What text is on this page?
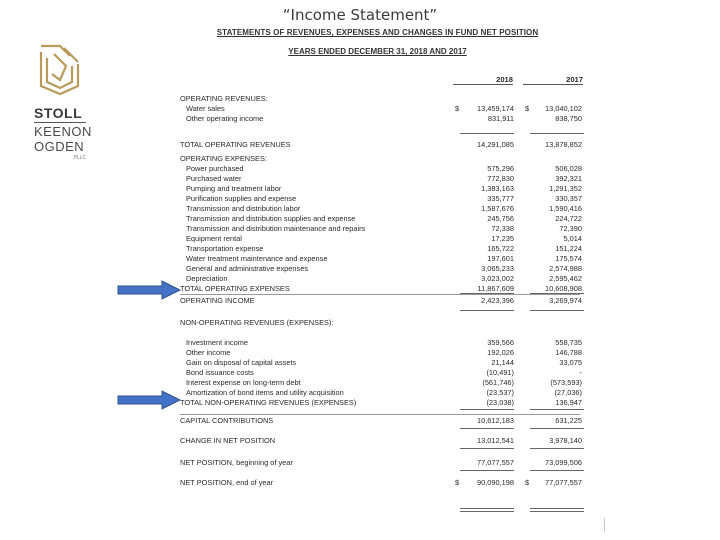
“Income Statement”
STOLL
KEENON
OGDEN
PLLC
STATEMENTS OF REVENUES, EXPENSES AND CHANGES IN FUND NET POSITION
YEARS ENDED DECEMBER 31, 2018 AND 2017
2018	2017
OPERATING REVENUES:
Water sales	$	13,459,174 $	13,040,102
Other operating income	831,911	838,750
TOTAL OPERATING REVENUES	14,291,085	13,878,852
OPERATING EXPENSES:
Power purchased	575,296	506,028
Purchased water	772,830	392,321
Pumping and treatment labor	1,383,163	1,291,352
Purification supplies and expense	335,777	330,357
Transmission and distribution labor	1,587,676	1,590,416
Transmission and distribution supplies and expense	245,756	224,722
Transmission and distribution maintenance and repairs	72,338	72,390
Equipment rental	17,235	5,014
Transportation expense	165,722	151,224
Water treatment maintenance and expense	197,601	175,574
General and administrative expenses	3,065,233	2,574,988
Depreciation	3,023,002	2,595,462
TOTAL OPERATING EXPENSES	11,867,609	10,608,908
OPERATING INCOME	2,423,396	3,269,974
NON-OPERATING REVENUES (EXPENSES):
Investment income	359,566	558,735
Other income	192,026	146,788
Gain on disposal of capital assets	21,144	33,075
Bond issuance costs	(10,491)	-
Interest expense on long-term debt	(561,746)	(573,593)
Amortization of bond items and utility acquisition	(23,537)	(27,036)
TOTAL NON-OPERATING REVENUES (EXPENSES)	(23,038)	136,947
CAPITAL CONTRIBUTIONS	10,612,183	631,225
CHANGE IN NET POSITION	13,012,541	3,978,140
NET POSITION, beginning of year	77,077,557	73,099,506
NET POSITION, end of year	$	90,090,198 $	77,077,557
